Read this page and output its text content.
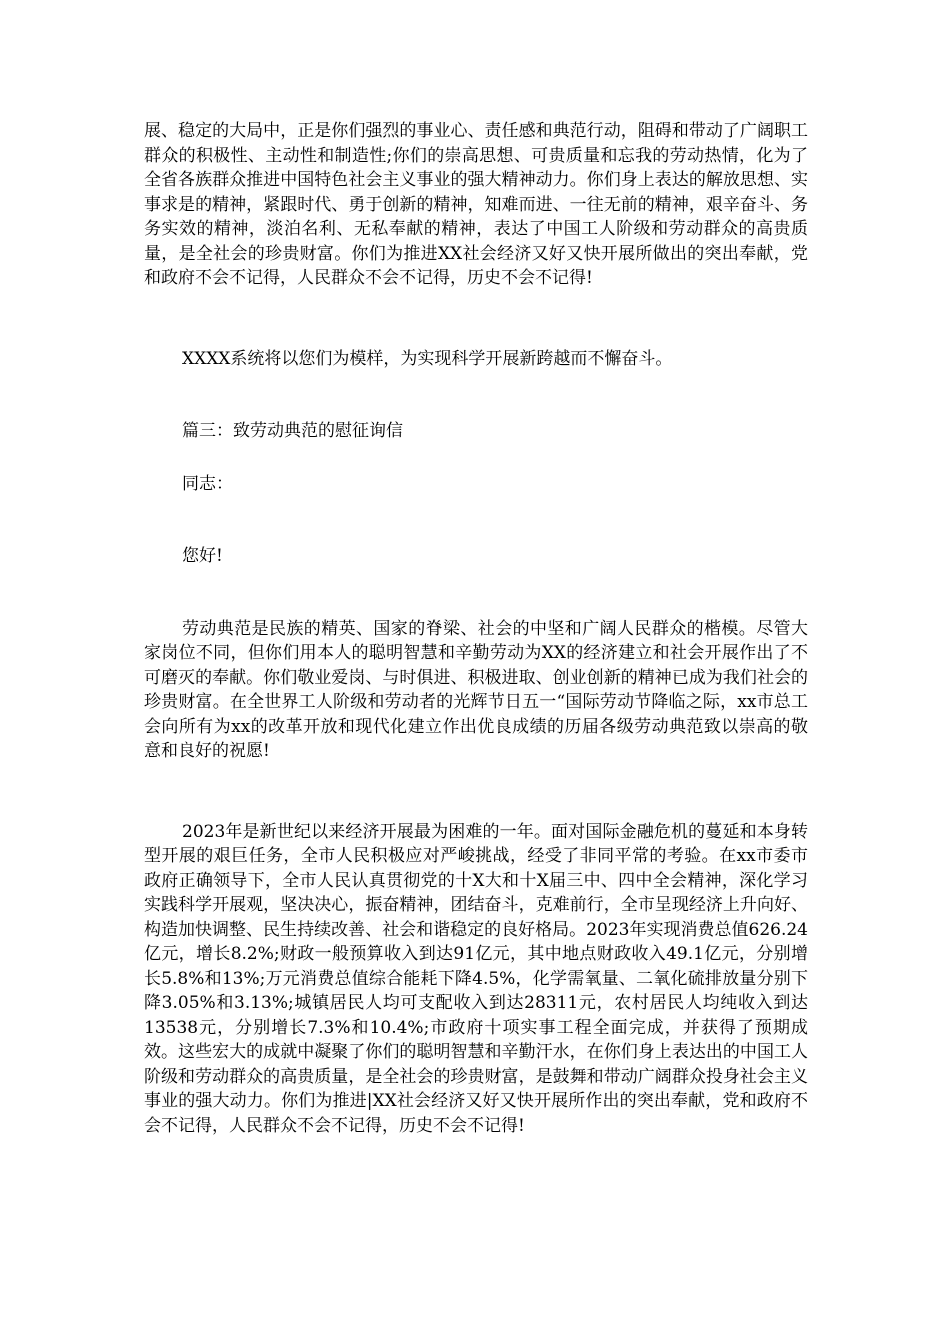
展、稳定的大局中，正是你们强烈的事业心、责任感和典范行动，阻碍和带动了广阔职工群众的积极性、主动性和制造性;你们的崇高思想、可贵质量和忘我的劳动热情，化为了全省各族群众推进中国特色社会主义事业的强大精神动力。你们身上表达的解放思想、实事求是的精神，紧跟时代、勇于创新的精神，知难而进、一往无前的精神，艰辛奋斗、务务实效的精神，淡泊名利、无私奉献的精神，表达了中国工人阶级和劳动群众的高贵质量，是全社会的珍贵财富。你们为推进XX社会经济又好又快开展所做出的突出奉献，党和政府不会不记得，人民群众不会不记得，历史不会不记得!

XXXX系统将以您们为模样，为实现科学开展新跨越而不懈奋斗。

篇三：致劳动典范的慰征询信

同志：

您好!

劳动典范是民族的精英、国家的脊梁、社会的中坚和广阔人民群众的楷模。尽管大家岗位不同，但你们用本人的聪明智慧和辛勤劳动为XX的经济建立和社会开展作出了不可磨灭的奉献。你们敬业爱岗、与时俱进、积极进取、创业创新的精神已成为我们社会的珍贵财富。在全世界工人阶级和劳动者的光辉节日五一“国际劳动节降临之际，xx市总工会向所有为xx的改革开放和现代化建立作出优良成绩的历届各级劳动典范致以崇高的敬意和良好的祝愿!

2023年是新世纪以来经济开展最为困难的一年。面对国际金融危机的蔓延和本身转型开展的艰巨任务，全市人民积极应对严峻挑战，经受了非同平常的考验。在xx市委市政府正确领导下，全市人民认真贯彻党的十X大和十X届三中、四中全会精神，深化学习实践科学开展观，坚决决心，振奋精神，团结奋斗，克难前行，全市呈现经济上升向好、构造加快调整、民生持续改善、社会和谐稳定的良好格局。2023年实现消费总值626.24亿元，增长8.2%;财政一般预算收入到达91亿元，其中地点财政收入49.1亿元，分别增长5.8%和13%;万元消费总值综合能耗下降4.5%，化学需氧量、二氧化硫排放量分别下降3.05%和3.13%;城镇居民人均可支配收入到达28311元，农村居民人均纯收入到达13538元，分别增长7.3%和10.4%;市政府十项实事工程全面完成，并获得了预期成效。这些宏大的成就中凝聚了你们的聪明智慧和辛勤汗水，在你们身上表达出的中国工人阶级和劳动群众的高贵质量，是全社会的珍贵财富，是鼓舞和带动广阔群众投身社会主义事业的强大动力。你们为推进|XX社会经济又好又快开展所作出的突出奉献，党和政府不会不记得，人民群众不会不记得，历史不会不记得!
